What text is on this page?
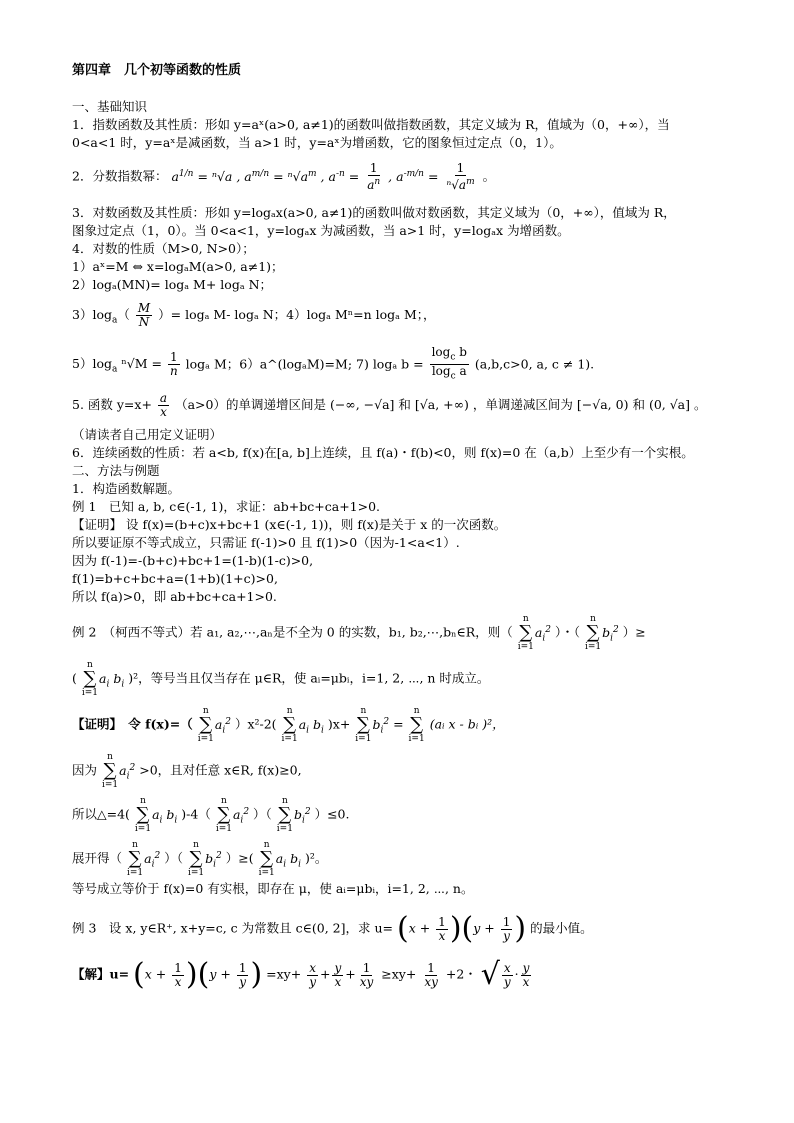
第四章　几个初等函数的性质
一、基础知识
1．指数函数及其性质：形如 y=aˣ(a>0, a≠1)的函数叫做指数函数，其定义域为 R，值域为（0，+∞），当
0<a<1 时，y=aˣ是减函数，当 a>1 时，y=aˣ为增函数，它的图象恒过定点（0，1）。
2．分数指数幂： $a^{1/n} = ^n√a$ , $a^{m/n} = ^n√a^m$ , $a^{-n} = \frac{1}{a^n}$ , $a^{-m/n} = \frac{1}{^n√a^m}$ 。
3．对数函数及其性质：形如 y=logₐx(a>0, a≠1)的函数叫做对数函数，其定义域为（0，+∞），值域为 R，
图象过定点（1，0）。当 0<a<1，y=logₐx 为减函数，当 a>1 时，y=logₐx 为增函数。
4．对数的性质（M>0, N>0）；
1）aˣ=M ⇔ x=logₐM(a>0, a≠1)；
2）logₐ(MN)= logₐ M+ logₐ N；
$3)\log_a( \frac{M}{N}$ ）= logₐ M- logₐ N；4）logₐ Mⁿ=n logₐ M；，
$5)\log_a$ $^n√M = \frac{1}{n}$ logₐ M；6）a^(logₐM)=M; 7) logₐ $b = \frac{\log_c b}{\log_c a} (a,b,c>0$, a, c ≠ 1).
5. 函数 $y=x+ \frac{a}{x} (a>0)$的单调递增区间是 (−∞, −√a] 和 [√a, +∞) ，单调递减区间为 [−√a, 0) 和 (0, √a] 。
（请读者自己用定义证明）
6．连续函数的性质：若 a<b, f(x)在[a, b]上连续，且 f(a)・f(b)<0，则 f(x)=0 在（a,b）上至少有一个实根。
二、方法与例题
1．构造函数解题。
例 1　已知 a, b, c∈(-1, 1)，求证：ab+bc+ca+1>0.
【证明】 设 f(x)=(b+c)x+bc+1 (x∈(-1, 1))，则 f(x)是关于 x 的一次函数。
所以要证原不等式成立，只需证 f(-1)>0 且 f(1)>0（因为-1<a<1）.
因为 f(-1)=-(b+c)+bc+1=(1-b)(1-c)>0,
f(1)=b+c+bc+a=(1+b)(1+c)>0,
所以 f(a)>0，即 ab+bc+ca+1>0.
例 2　（柯西不等式）若 a₁, a₂,⋯,aₙ是不全为 0 的实数，b₁, b₂,⋯,bₙ∈R，则（
n
∑
i=1
$a_i^2$ ）・（
n
∑
i=1
$b_i^2$ ）≥
(
n
∑
i=1
$a_i$ $b_i$ )²，等号当且仅当存在 μ∈R，使 aᵢ=μbᵢ，i=1, 2, ⋯, n 时成立。
【证明】　令 f(x)=（
n
∑
i=1
$a_i^2$ ）x²-2(
n
∑
i=1
$a_i$ $b_i$ )x+
n
∑
i=1
$b_i^2$ =
n
∑
i=1
(aᵢ x - bᵢ )²，
因为
n
∑
i=1
$a_i^2 >0$，且对任意 x∈R, f(x)≥0,
所以△=4(
n
∑
i=1
$a_i$ $b_i$ )-4（
n
∑
i=1
$a_i^2$ ）（
n
∑
i=1
$b_i^2$ ）≤0.
展开得（
n
∑
i=1
$a_i^2$ ）（
n
∑
i=1
$b_i^2$ ）≥(
n
∑
i=1
$a_i$ $b_i$ )²。
等号成立等价于 f(x)=0 有实根，即存在 μ，使 aᵢ=μbᵢ，i=1, 2, ⋯, n。
例 3　设 x, y∈R⁺, x+y=c, c 为常数且 c∈(0, 2]，求 $u= (x + \frac{1}{x} )(y + \frac{1}{y}$ ) 的最小值。
【解】$u= (x + \frac{1}{x} )(y + \frac{1}{y}$ ) $=xy+ \frac{x}{y} + \frac{y}{x} + \frac{1}{xy} \ge xy+ \frac{1}{xy} +2$・ √ $\frac{x}{y} \cdot \frac{y}{x}$
